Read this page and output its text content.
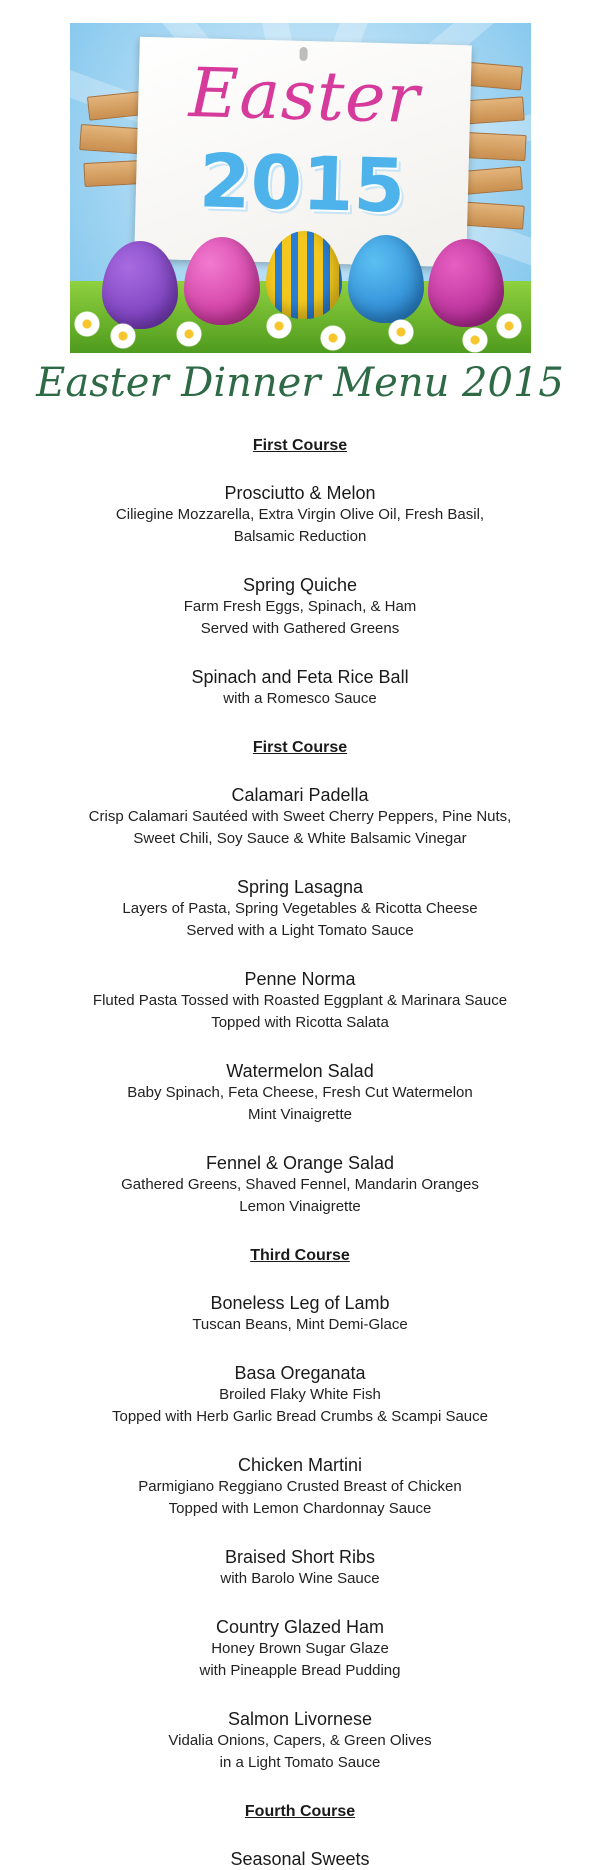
Easter
2015
Easter Dinner Menu 2015
First Course
Prosciutto & Melon
Ciliegine Mozzarella, Extra Virgin Olive Oil, Fresh Basil,
Balsamic Reduction
Spring Quiche
Farm Fresh Eggs, Spinach, & Ham
Served with Gathered Greens
Spinach and Feta Rice Ball
with a Romesco Sauce
First Course
Calamari Padella
Crisp Calamari Sautéed with Sweet Cherry Peppers, Pine Nuts,
Sweet Chili, Soy Sauce & White Balsamic Vinegar
Spring Lasagna
Layers of Pasta, Spring Vegetables & Ricotta Cheese
Served with a Light Tomato Sauce
Penne Norma
Fluted Pasta Tossed with Roasted Eggplant & Marinara Sauce
Topped with Ricotta Salata
Watermelon Salad
Baby Spinach, Feta Cheese, Fresh Cut Watermelon
Mint Vinaigrette
Fennel & Orange Salad
Gathered Greens, Shaved Fennel, Mandarin Oranges
Lemon Vinaigrette
Third Course
Boneless Leg of Lamb
Tuscan Beans, Mint Demi-Glace
Basa Oreganata
Broiled Flaky White Fish
Topped with Herb Garlic Bread Crumbs & Scampi Sauce
Chicken Martini
Parmigiano Reggiano Crusted Breast of Chicken
Topped with Lemon Chardonnay Sauce
Braised Short Ribs
with Barolo Wine Sauce
Country Glazed Ham
Honey Brown Sugar Glaze
with Pineapple Bread Pudding
Salmon Livornese
Vidalia Onions, Capers, & Green Olives
in a Light Tomato Sauce
Fourth Course
Seasonal Sweets
